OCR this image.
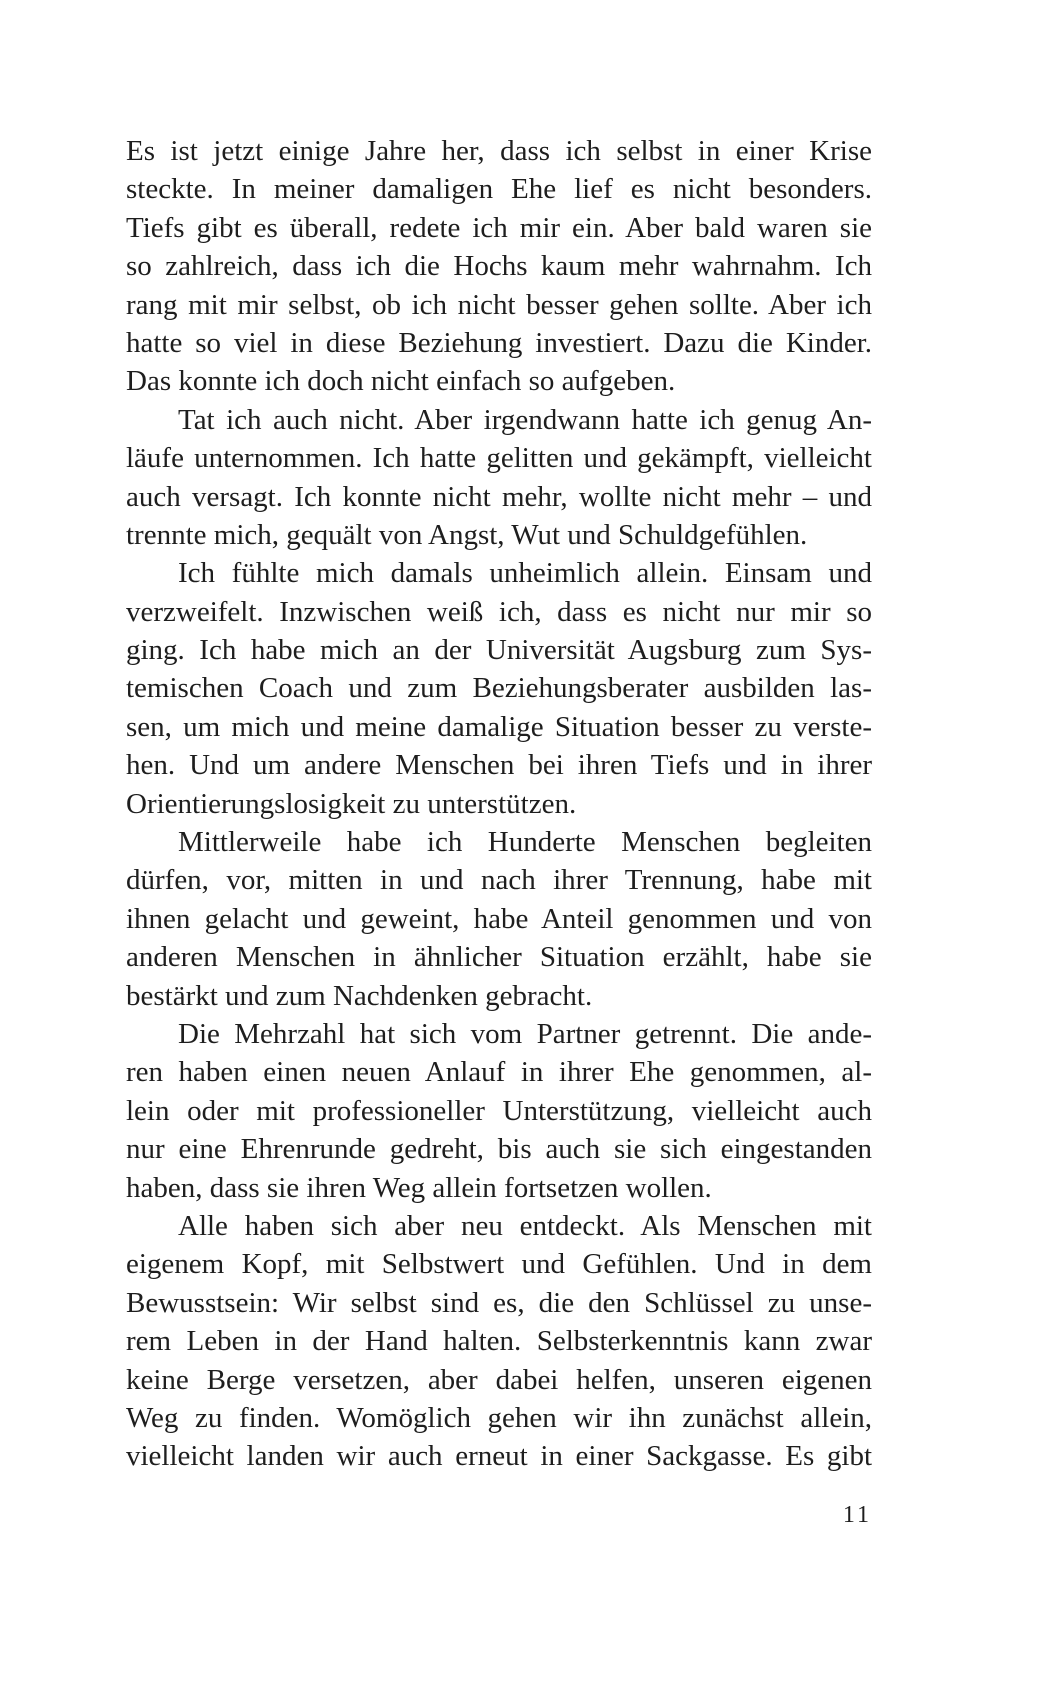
Es ist jetzt einige Jahre her, dass ich selbst in einer Krise
steckte. In meiner damaligen Ehe lief es nicht besonders.
Tiefs gibt es überall, redete ich mir ein. Aber bald waren sie
so zahlreich, dass ich die Hochs kaum mehr wahrnahm. Ich
rang mit mir selbst, ob ich nicht besser gehen sollte. Aber ich
hatte so viel in diese Beziehung investiert. Dazu die Kinder.
Das konnte ich doch nicht einfach so aufgeben.
Tat ich auch nicht. Aber irgendwann hatte ich genug An-
läufe unternommen. Ich hatte gelitten und gekämpft, vielleicht
auch versagt. Ich konnte nicht mehr, wollte nicht mehr – und
trennte mich, gequält von Angst, Wut und Schuldgefühlen.
Ich fühlte mich damals unheimlich allein. Einsam und
verzweifelt. Inzwischen weiß ich, dass es nicht nur mir so
ging. Ich habe mich an der Universität Augsburg zum Sys-
temischen Coach und zum Beziehungsberater ausbilden las-
sen, um mich und meine damalige Situation besser zu verste-
hen. Und um andere Menschen bei ihren Tiefs und in ihrer
Orientierungslosigkeit zu unterstützen.
Mittlerweile habe ich Hunderte Menschen begleiten
dürfen, vor, mitten in und nach ihrer Trennung, habe mit
ihnen gelacht und geweint, habe Anteil genommen und von
anderen Menschen in ähnlicher Situation erzählt, habe sie
bestärkt und zum Nachdenken gebracht.
Die Mehrzahl hat sich vom Partner getrennt. Die ande-
ren haben einen neuen Anlauf in ihrer Ehe genommen, al-
lein oder mit professioneller Unterstützung, vielleicht auch
nur eine Ehrenrunde gedreht, bis auch sie sich eingestanden
haben, dass sie ihren Weg allein fortsetzen wollen.
Alle haben sich aber neu entdeckt. Als Menschen mit
eigenem Kopf, mit Selbstwert und Gefühlen. Und in dem
Bewusstsein: Wir selbst sind es, die den Schlüssel zu unse-
rem Leben in der Hand halten. Selbsterkenntnis kann zwar
keine Berge versetzen, aber dabei helfen, unseren eigenen
Weg zu finden. Womöglich gehen wir ihn zunächst allein,
vielleicht landen wir auch erneut in einer Sackgasse. Es gibt
11
